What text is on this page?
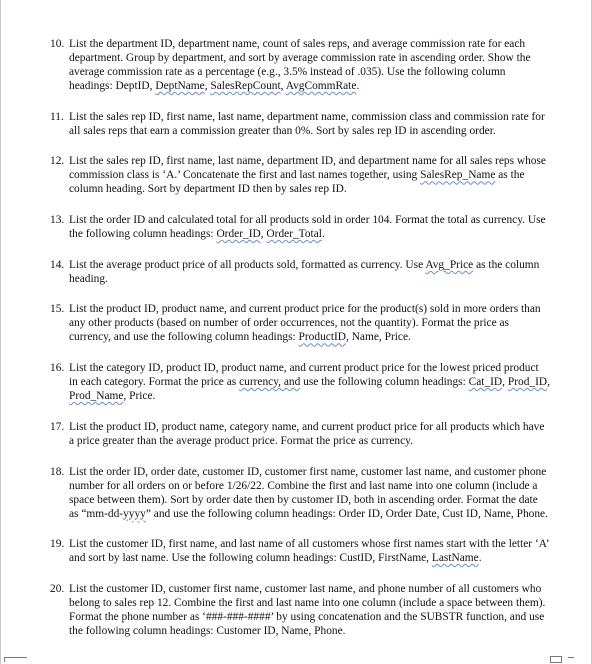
10. List the department ID, department name, count of sales reps, and average commission rate for each department. Group by department, and sort by average commission rate in ascending order. Show the average commission rate as a percentage (e.g., 3.5% instead of .035). Use the following column headings: DeptID, DeptName, SalesRepCount, AvgCommRate.
11. List the sales rep ID, first name, last name, department name, commission class and commission rate for all sales reps that earn a commission greater than 0%. Sort by sales rep ID in ascending order.
12. List the sales rep ID, first name, last name, department ID, and department name for all sales reps whose commission class is ‘A.’ Concatenate the first and last names together, using SalesRep_Name as the column heading. Sort by department ID then by sales rep ID.
13. List the order ID and calculated total for all products sold in order 104. Format the total as currency. Use the following column headings: Order_ID, Order_Total.
14. List the average product price of all products sold, formatted as currency. Use Avg_Price as the column heading.
15. List the product ID, product name, and current product price for the product(s) sold in more orders than any other products (based on number of order occurrences, not the quantity). Format the price as currency, and use the following column headings: ProductID, Name, Price.
16. List the category ID, product ID, product name, and current product price for the lowest priced product in each category. Format the price as currency, and use the following column headings: Cat_ID, Prod_ID, Prod_Name, Price.
17. List the product ID, product name, category name, and current product price for all products which have a price greater than the average product price. Format the price as currency.
18. List the order ID, order date, customer ID, customer first name, customer last name, and customer phone number for all orders on or before 1/26/22. Combine the first and last name into one column (include a space between them). Sort by order date then by customer ID, both in ascending order. Format the date as “mm-dd-yyyy” and use the following column headings: Order ID, Order Date, Cust ID, Name, Phone.
19. List the customer ID, first name, and last name of all customers whose first names start with the letter ‘A’ and sort by last name. Use the following column headings: CustID, FirstName, LastName.
20. List the customer ID, customer first name, customer last name, and phone number of all customers who belong to sales rep 12. Combine the first and last name into one column (include a space between them). Format the phone number as ‘###-###-####’ by using concatenation and the SUBSTR function, and use the following column headings: Customer ID, Name, Phone.
